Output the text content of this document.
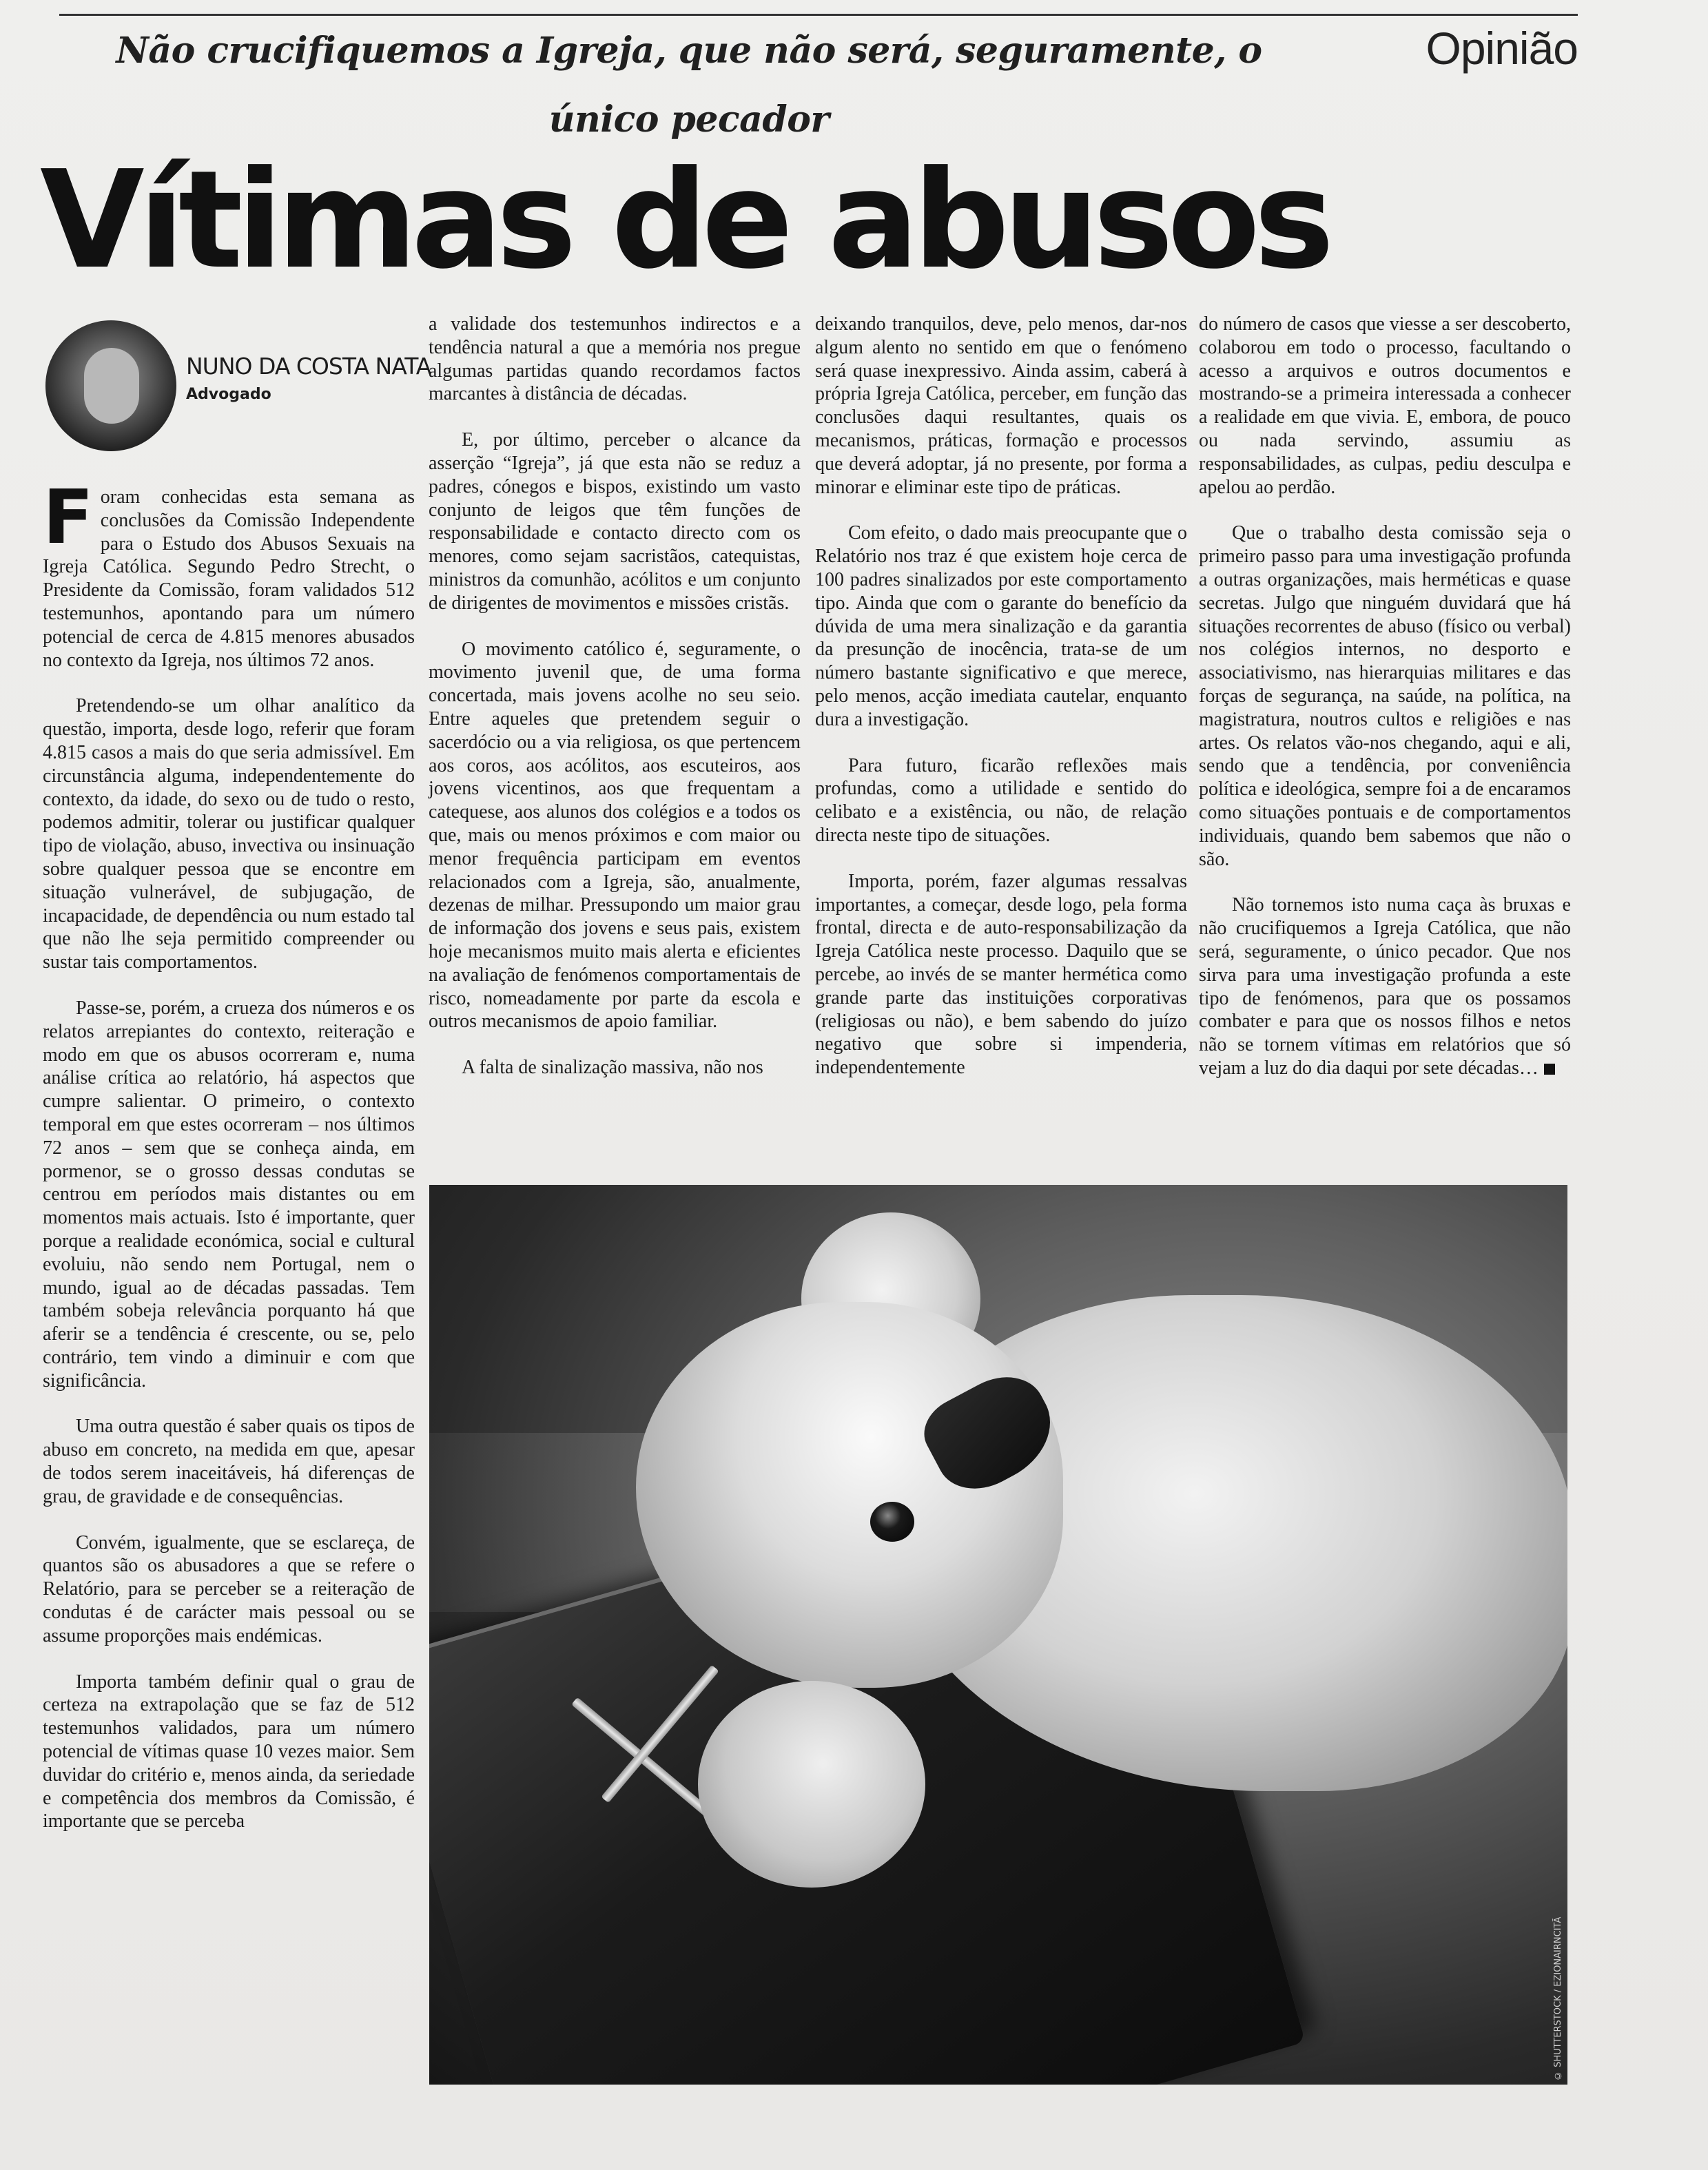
Não crucifiquemos a Igreja, que não será, seguramente, o único pecador
Opinião
Vítimas de abusos
NUNO DA COSTA NATA
Advogado

Foram conhecidas esta semana as conclusões da Comissão Independente para o Estudo dos Abusos Sexuais na Igreja Católica. Segundo Pedro Strecht, o Presidente da Comissão, foram validados 512 testemunhos, apontando para um número potencial de cerca de 4.815 menores abusados no contexto da Igreja, nos últimos 72 anos.

Pretendendo-se um olhar analítico da questão, importa, desde logo, referir que foram 4.815 casos a mais do que seria admissível. Em circunstância alguma, independentemente do contexto, da idade, do sexo ou de tudo o resto, podemos admitir, tolerar ou justificar qualquer tipo de violação, abuso, invectiva ou insinuação sobre qualquer pessoa que se encontre em situação vulnerável, de subjugação, de incapacidade, de dependência ou num estado tal que não lhe seja permitido compreender ou sustar tais comportamentos.

Passe-se, porém, a crueza dos números e os relatos arrepiantes do contexto, reiteração e modo em que os abusos ocorreram e, numa análise crítica ao relatório, há aspectos que cumpre salientar. O primeiro, o contexto temporal em que estes ocorreram – nos últimos 72 anos – sem que se conheça ainda, em pormenor, se o grosso dessas condutas se centrou em períodos mais distantes ou em momentos mais actuais. Isto é importante, quer porque a realidade económica, social e cultural evoluiu, não sendo nem Portugal, nem o mundo, igual ao de décadas passadas. Tem também sobeja relevância porquanto há que aferir se a tendência é crescente, ou se, pelo contrário, tem vindo a diminuir e com que significância.

Uma outra questão é saber quais os tipos de abuso em concreto, na medida em que, apesar de todos serem inaceitáveis, há diferenças de grau, de gravidade e de consequências.

Convém, igualmente, que se esclareça, de quantos são os abusadores a que se refere o Relatório, para se perceber se a reiteração de condutas é de carácter mais pessoal ou se assume proporções mais endémicas.

Importa também definir qual o grau de certeza na extrapolação que se faz de 512 testemunhos validados, para um número potencial de vítimas quase 10 vezes maior. Sem duvidar do critério e, menos ainda, da seriedade e competência dos membros da Comissão, é importante que se perceba

a validade dos testemunhos indirectos e a tendência natural a que a memória nos pregue algumas partidas quando recordamos factos marcantes à distância de décadas.

E, por último, perceber o alcance da asserção “Igreja”, já que esta não se reduz a padres, cónegos e bispos, existindo um vasto conjunto de leigos que têm funções de responsabilidade e contacto directo com os menores, como sejam sacristãos, catequistas, ministros da comunhão, acólitos e um conjunto de dirigentes de movimentos e missões cristãs.

O movimento católico é, seguramente, o movimento juvenil que, de uma forma concertada, mais jovens acolhe no seu seio. Entre aqueles que pretendem seguir o sacerdócio ou a via religiosa, os que pertencem aos coros, aos acólitos, aos escuteiros, aos jovens vicentinos, aos que frequentam a catequese, aos alunos dos colégios e a todos os que, mais ou menos próximos e com maior ou menor frequência participam em eventos relacionados com a Igreja, são, anualmente, dezenas de milhar. Pressupondo um maior grau de informação dos jovens e seus pais, existem hoje mecanismos muito mais alerta e eficientes na avaliação de fenómenos comportamentais de risco, nomeadamente por parte da escola e outros mecanismos de apoio familiar.

A falta de sinalização massiva, não nos

deixando tranquilos, deve, pelo menos, dar-nos algum alento no sentido em que o fenómeno será quase inexpressivo. Ainda assim, caberá à própria Igreja Católica, perceber, em função das conclusões daqui resultantes, quais os mecanismos, práticas, formação e processos que deverá adoptar, já no presente, por forma a minorar e eliminar este tipo de práticas.

Com efeito, o dado mais preocupante que o Relatório nos traz é que existem hoje cerca de 100 padres sinalizados por este comportamento tipo. Ainda que com o garante do benefício da dúvida de uma mera sinalização e da garantia da presunção de inocência, trata-se de um número bastante significativo e que merece, pelo menos, acção imediata cautelar, enquanto dura a investigação.

Para futuro, ficarão reflexões mais profundas, como a utilidade e sentido do celibato e a existência, ou não, de relação directa neste tipo de situações.

Importa, porém, fazer algumas ressalvas importantes, a começar, desde logo, pela forma frontal, directa e de auto-responsabilização da Igreja Católica neste processo. Daquilo que se percebe, ao invés de se manter hermética como grande parte das instituições corporativas (religiosas ou não), e bem sabendo do juízo negativo que sobre si impenderia, independentemente

do número de casos que viesse a ser descoberto, colaborou em todo o processo, facultando o acesso a arquivos e outros documentos e mostrando-se a primeira interessada a conhecer a realidade em que vivia. E, embora, de pouco ou nada servindo, assumiu as responsabilidades, as culpas, pediu desculpa e apelou ao perdão.

Que o trabalho desta comissão seja o primeiro passo para uma investigação profunda a outras organizações, mais herméticas e quase secretas. Julgo que ninguém duvidará que há situações recorrentes de abuso (físico ou verbal) nos colégios internos, no desporto e associativismo, nas hierarquias militares e das forças de segurança, na saúde, na política, na magistratura, noutros cultos e religiões e nas artes. Os relatos vão-nos chegando, aqui e ali, sendo que a tendência, por conveniência política e ideológica, sempre foi a de encaramos como situações pontuais e de comportamentos individuais, quando bem sabemos que não o são.

Não tornemos isto numa caça às bruxas e não crucifiquemos a Igreja Católica, que não será, seguramente, o único pecador. Que nos sirva para uma investigação profunda a este tipo de fenómenos, para que os possamos combater e para que os nossos filhos e netos não se tornem vítimas em relatórios que só vejam a luz do dia daqui por sete décadas…

© SHUTTERSTOCK / EZIONAIRNCITÃ
